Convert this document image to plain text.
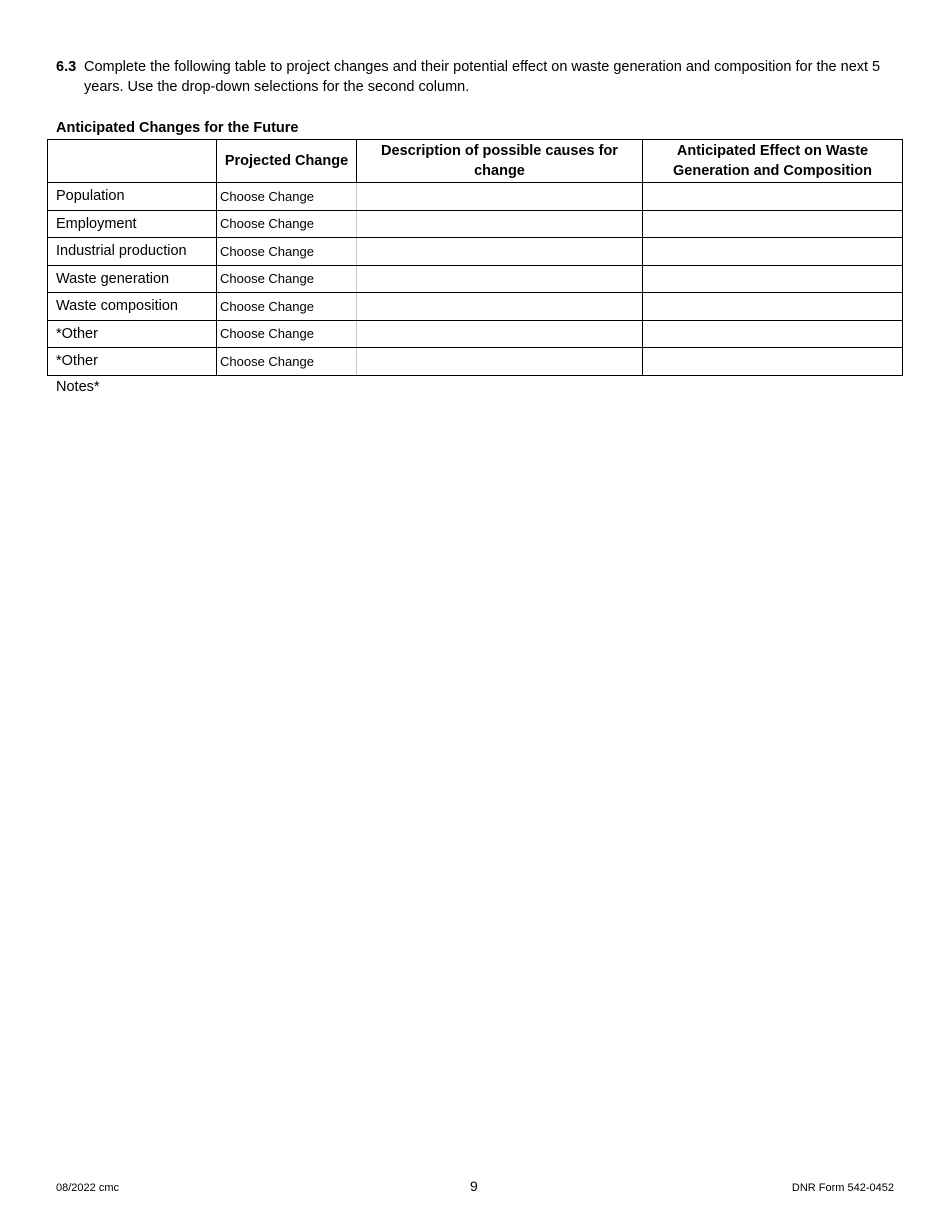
6.3 Complete the following table to project changes and their potential effect on waste generation and composition for the next 5 years. Use the drop-down selections for the second column.
Anticipated Changes for the Future
	Projected Change	Description of possible causes for change	Anticipated Effect on Waste Generation and Composition
Population	Choose Change		
Employment	Choose Change		
Industrial production	Choose Change		
Waste generation	Choose Change		
Waste composition	Choose Change		
*Other	Choose Change		
*Other	Choose Change		
Notes*
08/2022 cmc	9	DNR Form 542-0452
